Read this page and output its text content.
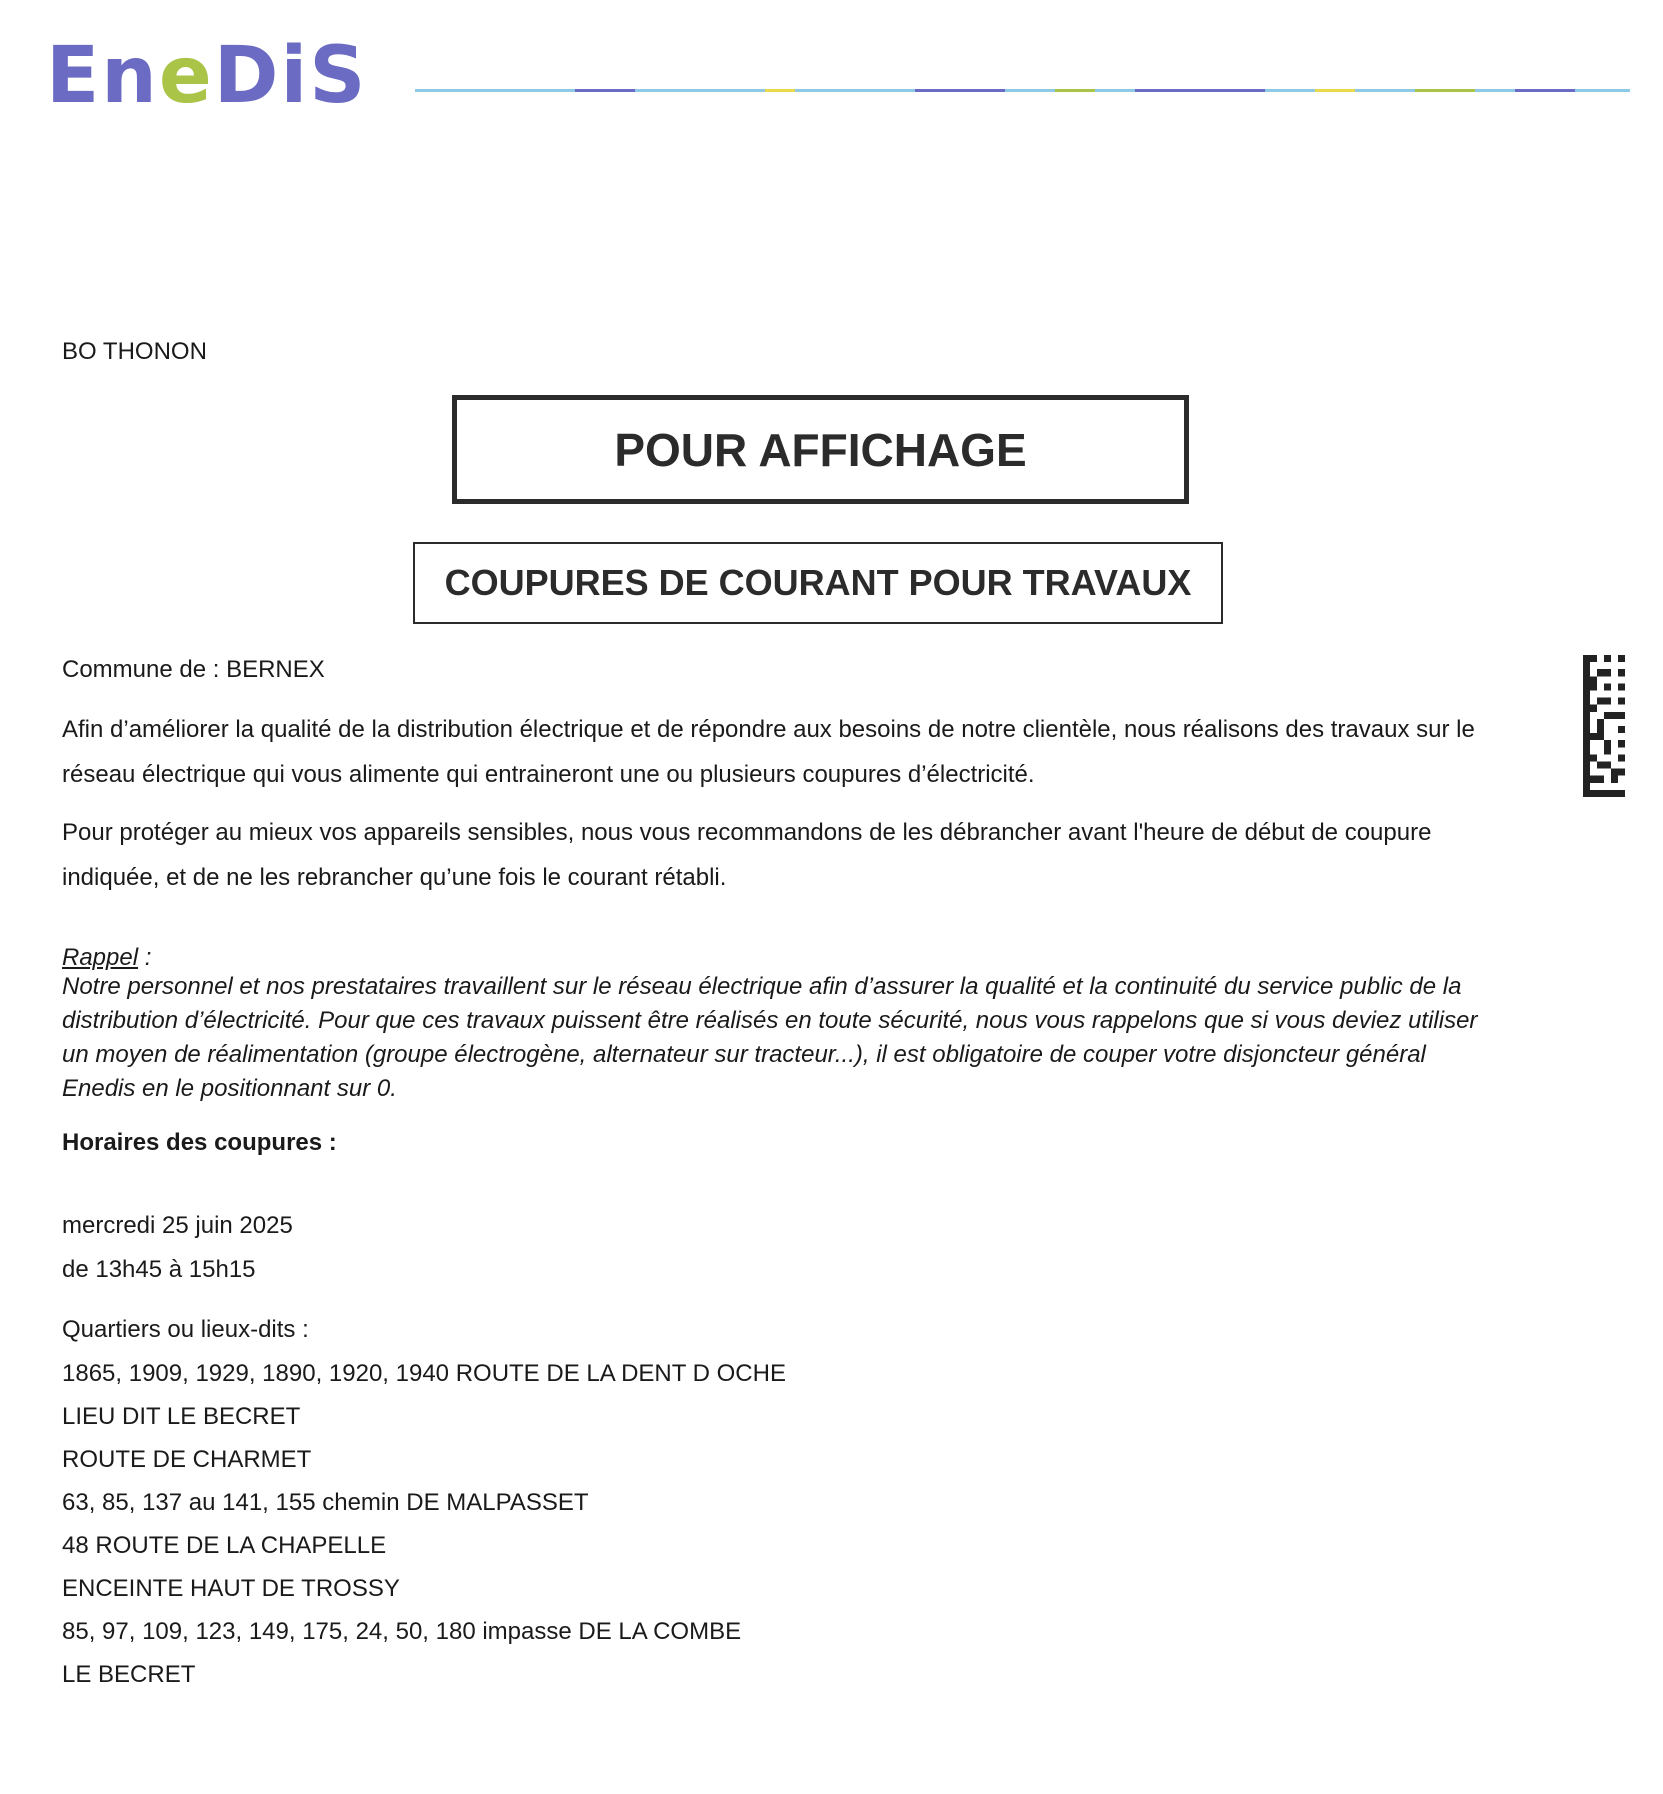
EneDiS
BO THONON
POUR AFFICHAGE
COUPURES DE COURANT POUR TRAVAUX
Commune de : BERNEX
Afin d’améliorer la qualité de la distribution électrique et de répondre aux besoins de notre clientèle, nous réalisons des travaux sur le réseau électrique qui vous alimente qui entraineront une ou plusieurs coupures d’électricité.
Pour protéger au mieux vos appareils sensibles, nous vous recommandons de les débrancher avant l'heure de début de coupure indiquée, et de ne les rebrancher qu’une fois le courant rétabli.
Rappel :
Notre personnel et nos prestataires travaillent sur le réseau électrique afin d’assurer la qualité et la continuité du service public de la distribution d’électricité. Pour que ces travaux puissent être réalisés en toute sécurité, nous vous rappelons que si vous deviez utiliser un moyen de réalimentation (groupe électrogène, alternateur sur tracteur...), il est obligatoire de couper votre disjoncteur général Enedis en le positionnant sur 0.
Horaires des coupures :
mercredi 25 juin 2025
de 13h45 à 15h15
Quartiers ou lieux-dits :
1865, 1909, 1929, 1890, 1920, 1940 ROUTE DE LA DENT D OCHE
LIEU DIT LE BECRET
ROUTE DE CHARMET
63, 85, 137 au 141, 155 chemin DE MALPASSET
48 ROUTE DE LA CHAPELLE
ENCEINTE HAUT DE TROSSY
85, 97, 109, 123, 149, 175, 24, 50, 180 impasse DE LA COMBE
LE BECRET
